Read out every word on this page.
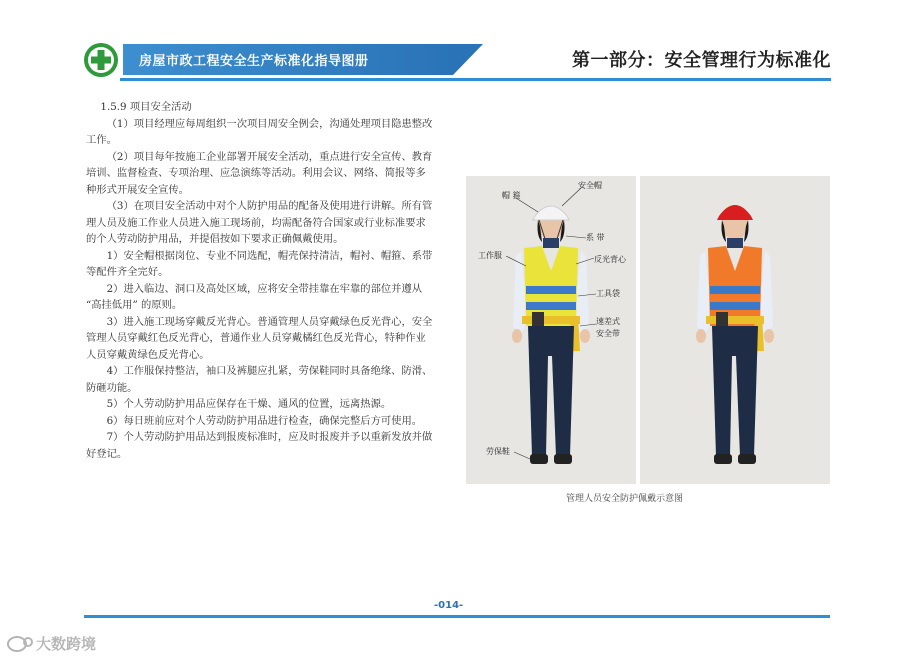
房屋市政工程安全生产标准化指导图册	第一部分：安全管理行为标准化

1.5.9 项目安全活动

（1）项目经理应每周组织一次项目周安全例会，沟通处理项目隐患整改工作。

（2）项目每年按施工企业部署开展安全活动，重点进行安全宣传、教育培训、监督检查、专项治理、应急演练等活动。利用会议、网络、简报等多种形式开展安全宣传。

（3）在项目安全活动中对个人防护用品的配备及使用进行讲解。所有管理人员及施工作业人员进入施工现场前，均需配备符合国家或行业标准要求的个人劳动防护用品，并提倡按如下要求正确佩戴使用。

1）安全帽根据岗位、专业不同选配，帽壳保持清洁，帽衬、帽箍、系带等配件齐全完好。

2）进入临边、洞口及高处区域，应将安全带挂靠在牢靠的部位并遵从 “高挂低用” 的原则。

3）进入施工现场穿戴反光背心。普通管理人员穿戴绿色反光背心，安全管理人员穿戴红色反光背心，普通作业人员穿戴橘红色反光背心，特种作业人员穿戴黄绿色反光背心。

4）工作服保持整洁，袖口及裤腿应扎紧，劳保鞋同时具备绝缘、防滑、防砸功能。

5）个人劳动防护用品应保存在干燥、通风的位置，远离热源。

6）每日班前应对个人劳动防护用品进行检查，确保完整后方可使用。

7）个人劳动防护用品达到报废标准时，应及时报废并予以重新发放并做好登记。

帽 箍
安全帽
系 带
工作服	反光背心
工具袋
速差式
安全带
劳保鞋
管理人员安全防护佩戴示意图
-014-
大数跨境
